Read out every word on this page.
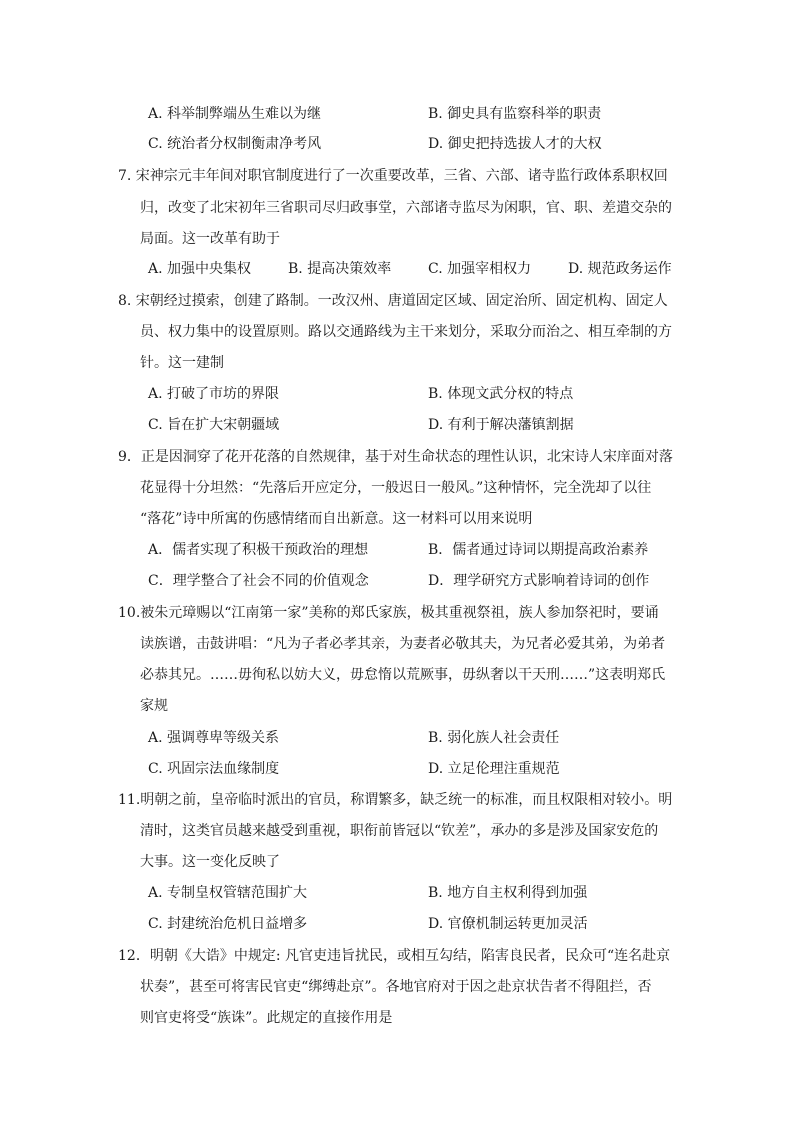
A. 科举制弊端丛生难以为继	B. 御史具有监察科举的职责
C. 统治者分权制衡肃净考风	D. 御史把持选拔人才的大权
7. 宋神宗元丰年间对职官制度进行了一次重要改革，三省、六部、诸寺监行政体系职权回
归，改变了北宋初年三省职司尽归政事堂，六部诸寺监尽为闲职，官、职、差遣交杂的
局面。这一改革有助于
A. 加强中央集权	B. 提高决策效率	C. 加强宰相权力	D. 规范政务运作
8. 宋朝经过摸索，创建了路制。一改汉州、唐道固定区域、固定治所、固定机构、固定人
员、权力集中的设置原则。路以交通路线为主干来划分，采取分而治之、相互牵制的方
针。这一建制
A. 打破了市坊的界限	B. 体现文武分权的特点
C. 旨在扩大宋朝疆域	D. 有利于解决藩镇割据
9．正是因洞穿了花开花落的自然规律，基于对生命状态的理性认识，北宋诗人宋庠面对落
花显得十分坦然：“先落后开应定分，一般迟日一般风。”这种情怀，完全洗却了以往
“落花”诗中所寓的伤感情绪而自出新意。这一材料可以用来说明
A．儒者实现了积极干预政治的理想	B．儒者通过诗词以期提高政治素养
C．理学整合了社会不同的价值观念	D．理学研究方式影响着诗词的创作
10.被朱元璋赐以“江南第一家”美称的郑氏家族，极其重视祭祖，族人参加祭祀时，要诵
读族谱，击鼓讲唱：“凡为子者必孝其亲，为妻者必敬其夫，为兄者必爱其弟，为弟者
必恭其兄。……毋徇私以妨大义，毋怠惰以荒厥事，毋纵奢以干天刑……”这表明郑氏
家规
A. 强调尊卑等级关系	B. 弱化族人社会责任
C. 巩固宗法血缘制度	D. 立足伦理注重规范
11.明朝之前，皇帝临时派出的官员，称谓繁多，缺乏统一的标准，而且权限相对较小。明
清时，这类官员越来越受到重视，职衔前皆冠以“钦差”，承办的多是涉及国家安危的
大事。这一变化反映了
A. 专制皇权管辖范围扩大	B. 地方自主权利得到加强
C. 封建统治危机日益增多	D. 官僚机制运转更加灵活
12．明朝《大诰》中规定: 凡官吏违旨扰民，或相互勾结，陷害良民者，民众可“连名赴京
状奏”，甚至可将害民官吏“绑缚赴京”。各地官府对于因之赴京状告者不得阻拦，否
则官吏将受“族诛”。此规定的直接作用是
